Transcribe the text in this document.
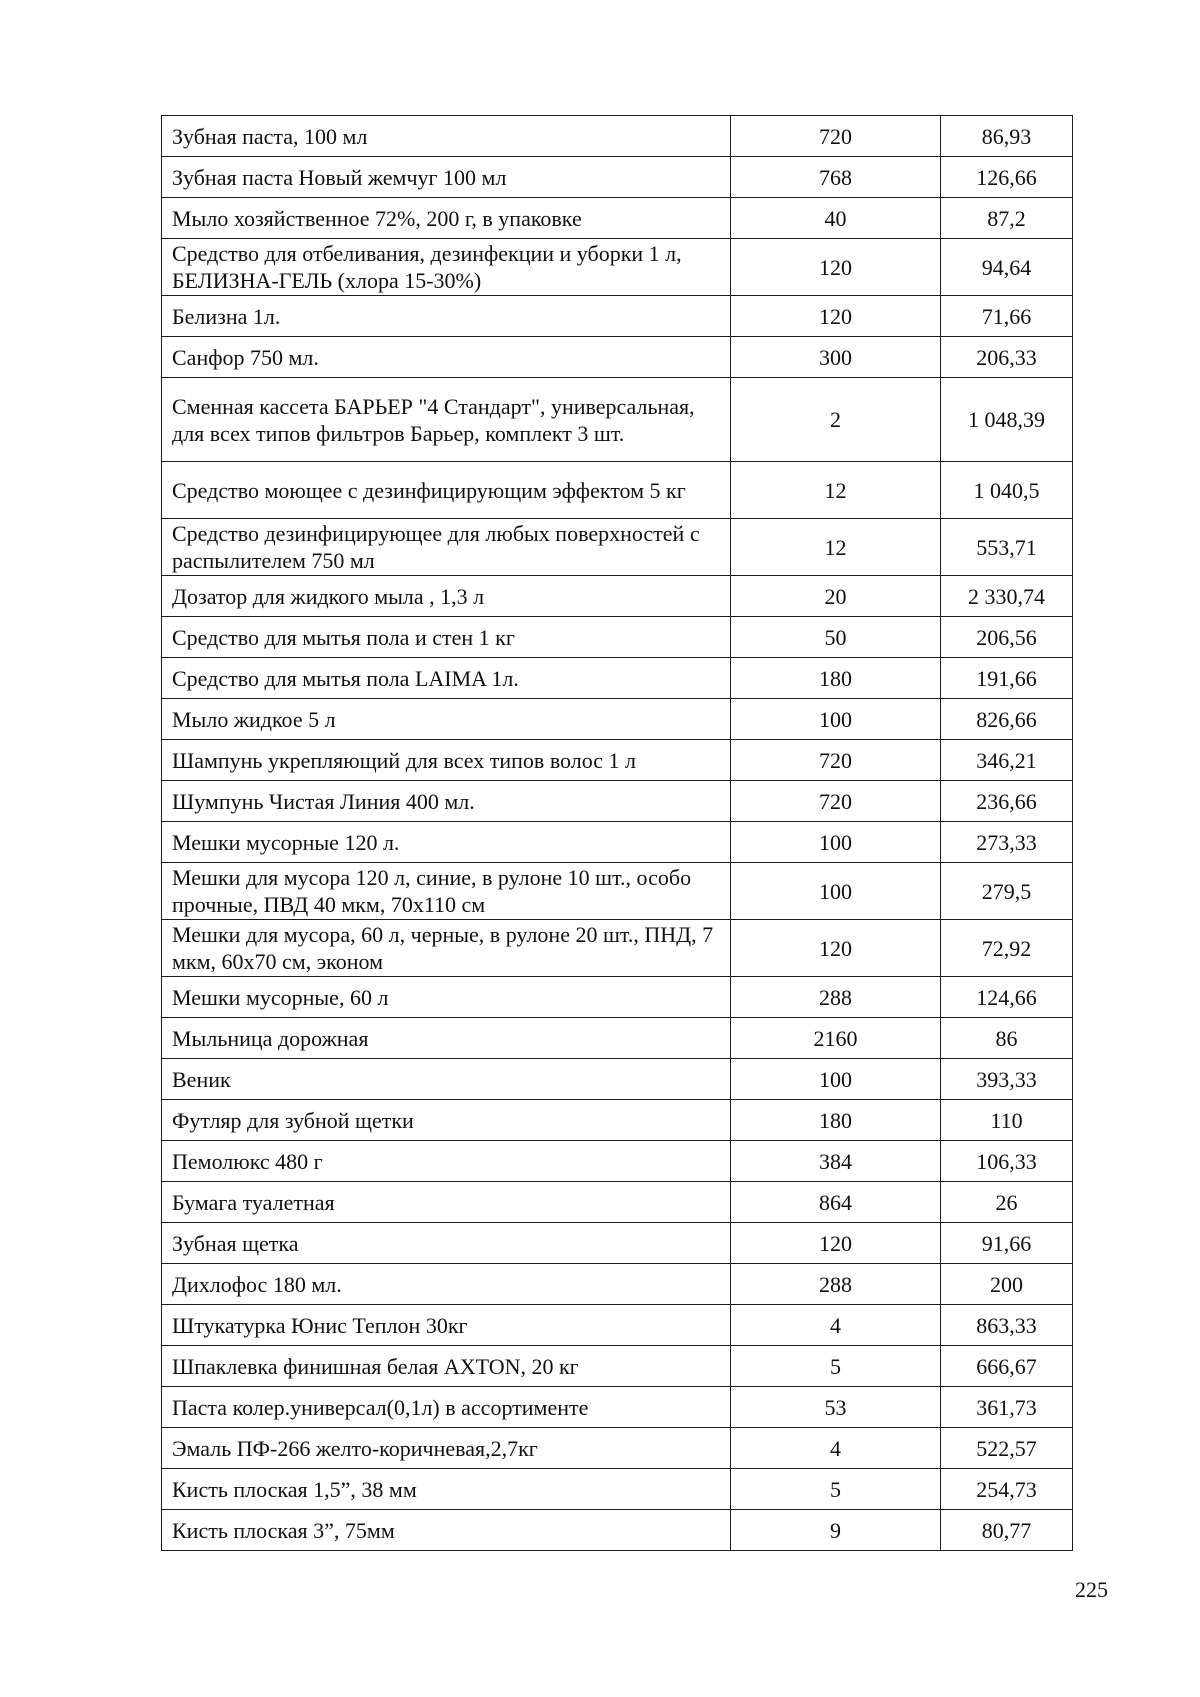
Зубная паста, 100 мл	720	86,93
Зубная паста Новый жемчуг 100 мл	768	126,66
Мыло хозяйственное 72%, 200 г, в упаковке	40	87,2
Средство для отбеливания, дезинфекции и уборки 1 л, БЕЛИЗНА-ГЕЛЬ (хлора 15-30%)	120	94,64
Белизна 1л.	120	71,66
Санфор 750 мл.	300	206,33
Сменная кассета БАРЬЕР "4 Стандарт", универсальная, для всех типов фильтров Барьер, комплект 3 шт.	2	1 048,39
Средство моющее с дезинфицирующим эффектом 5 кг	12	1 040,5
Средство дезинфицирующее для любых поверхностей с распылителем 750 мл	12	553,71
Дозатор для жидкого мыла , 1,3 л	20	2 330,74
Средство для мытья пола и стен 1 кг	50	206,56
Средство для мытья пола LAIMA 1л.	180	191,66
Мыло жидкое 5 л	100	826,66
Шампунь укрепляющий для всех типов волос 1 л	720	346,21
Шумпунь Чистая Линия 400 мл.	720	236,66
Мешки мусорные 120 л.	100	273,33
Мешки для мусора 120 л, синие, в рулоне 10 шт., особо прочные, ПВД 40 мкм, 70х110 см	100	279,5
Мешки для мусора, 60 л, черные, в рулоне 20 шт., ПНД, 7 мкм, 60х70 см, эконом	120	72,92
Мешки мусорные, 60 л	288	124,66
Мыльница дорожная	2160	86
Веник	100	393,33
Футляр для зубной щетки	180	110
Пемолюкс 480 г	384	106,33
Бумага туалетная	864	26
Зубная щетка	120	91,66
Дихлофос 180 мл.	288	200
Штукатурка Юнис Теплон 30кг	4	863,33
Шпаклевка финишная белая AXTON, 20 кг	5	666,67
Паста колер.универсал(0,1л) в ассортименте	53	361,73
Эмаль ПФ-266 желто-коричневая,2,7кг	4	522,57
Кисть плоская 1,5”, 38 мм	5	254,73
Кисть плоская 3”, 75мм	9	80,77
225
